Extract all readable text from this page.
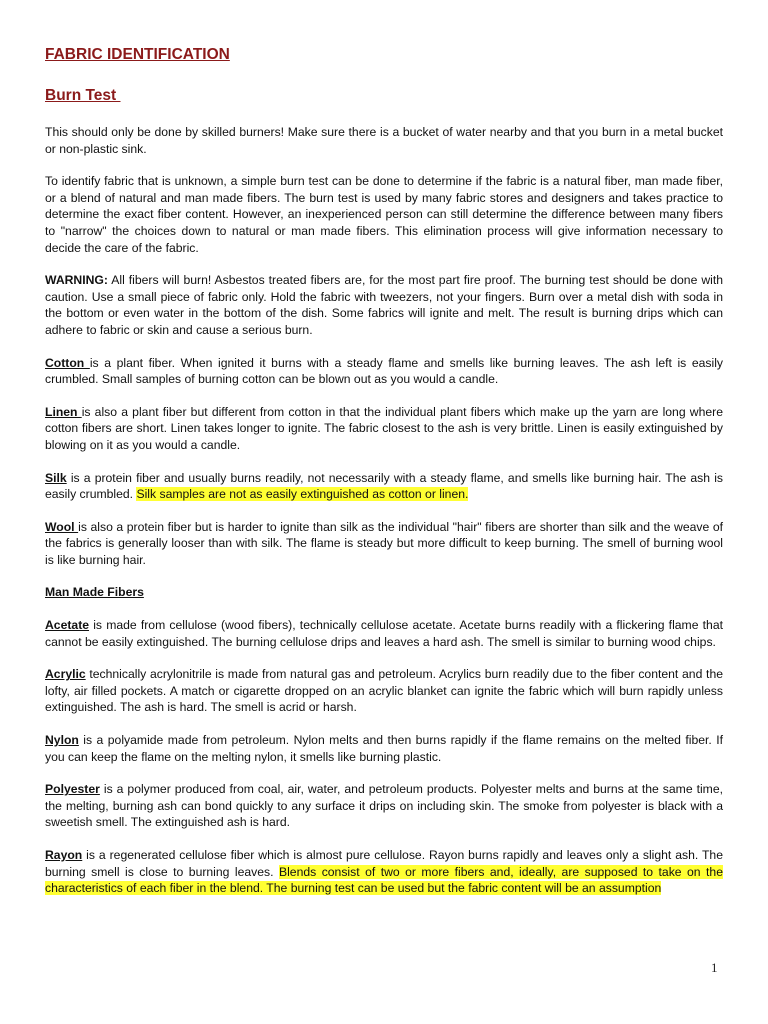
FABRIC IDENTIFICATION
Burn Test

This should only be done by skilled burners! Make sure there is a bucket of water nearby and that you burn in a metal bucket or non-plastic sink.

To identify fabric that is unknown, a simple burn test can be done to determine if the fabric is a natural fiber, man made fiber, or a blend of natural and man made fibers. The burn test is used by many fabric stores and designers and takes practice to determine the exact fiber content. However, an inexperienced person can still determine the difference between many fibers to "narrow" the choices down to natural or man made fibers. This elimination process will give information necessary to decide the care of the fabric.

WARNING: All fibers will burn! Asbestos treated fibers are, for the most part fire proof. The burning test should be done with caution. Use a small piece of fabric only. Hold the fabric with tweezers, not your fingers. Burn over a metal dish with soda in the bottom or even water in the bottom of the dish. Some fabrics will ignite and melt. The result is burning drips which can adhere to fabric or skin and cause a serious burn.

Cotton is a plant fiber. When ignited it burns with a steady flame and smells like burning leaves. The ash left is easily crumbled. Small samples of burning cotton can be blown out as you would a candle.

Linen is also a plant fiber but different from cotton in that the individual plant fibers which make up the yarn are long where cotton fibers are short. Linen takes longer to ignite. The fabric closest to the ash is very brittle. Linen is easily extinguished by blowing on it as you would a candle.

Silk is a protein fiber and usually burns readily, not necessarily with a steady flame, and smells like burning hair. The ash is easily crumbled. Silk samples are not as easily extinguished as cotton or linen.

Wool is also a protein fiber but is harder to ignite than silk as the individual "hair" fibers are shorter than silk and the weave of the fabrics is generally looser than with silk. The flame is steady but more difficult to keep burning. The smell of burning wool is like burning hair.

Man Made Fibers

Acetate is made from cellulose (wood fibers), technically cellulose acetate. Acetate burns readily with a flickering flame that cannot be easily extinguished. The burning cellulose drips and leaves a hard ash. The smell is similar to burning wood chips.

Acrylic technically acrylonitrile is made from natural gas and petroleum. Acrylics burn readily due to the fiber content and the lofty, air filled pockets. A match or cigarette dropped on an acrylic blanket can ignite the fabric which will burn rapidly unless extinguished. The ash is hard. The smell is acrid or harsh.

Nylon is a polyamide made from petroleum. Nylon melts and then burns rapidly if the flame remains on the melted fiber. If you can keep the flame on the melting nylon, it smells like burning plastic.

Polyester is a polymer produced from coal, air, water, and petroleum products. Polyester melts and burns at the same time, the melting, burning ash can bond quickly to any surface it drips on including skin. The smoke from polyester is black with a sweetish smell. The extinguished ash is hard.

Rayon is a regenerated cellulose fiber which is almost pure cellulose. Rayon burns rapidly and leaves only a slight ash. The burning smell is close to burning leaves. Blends consist of two or more fibers and, ideally, are supposed to take on the characteristics of each fiber in the blend. The burning test can be used but the fabric content will be an assumption

1
